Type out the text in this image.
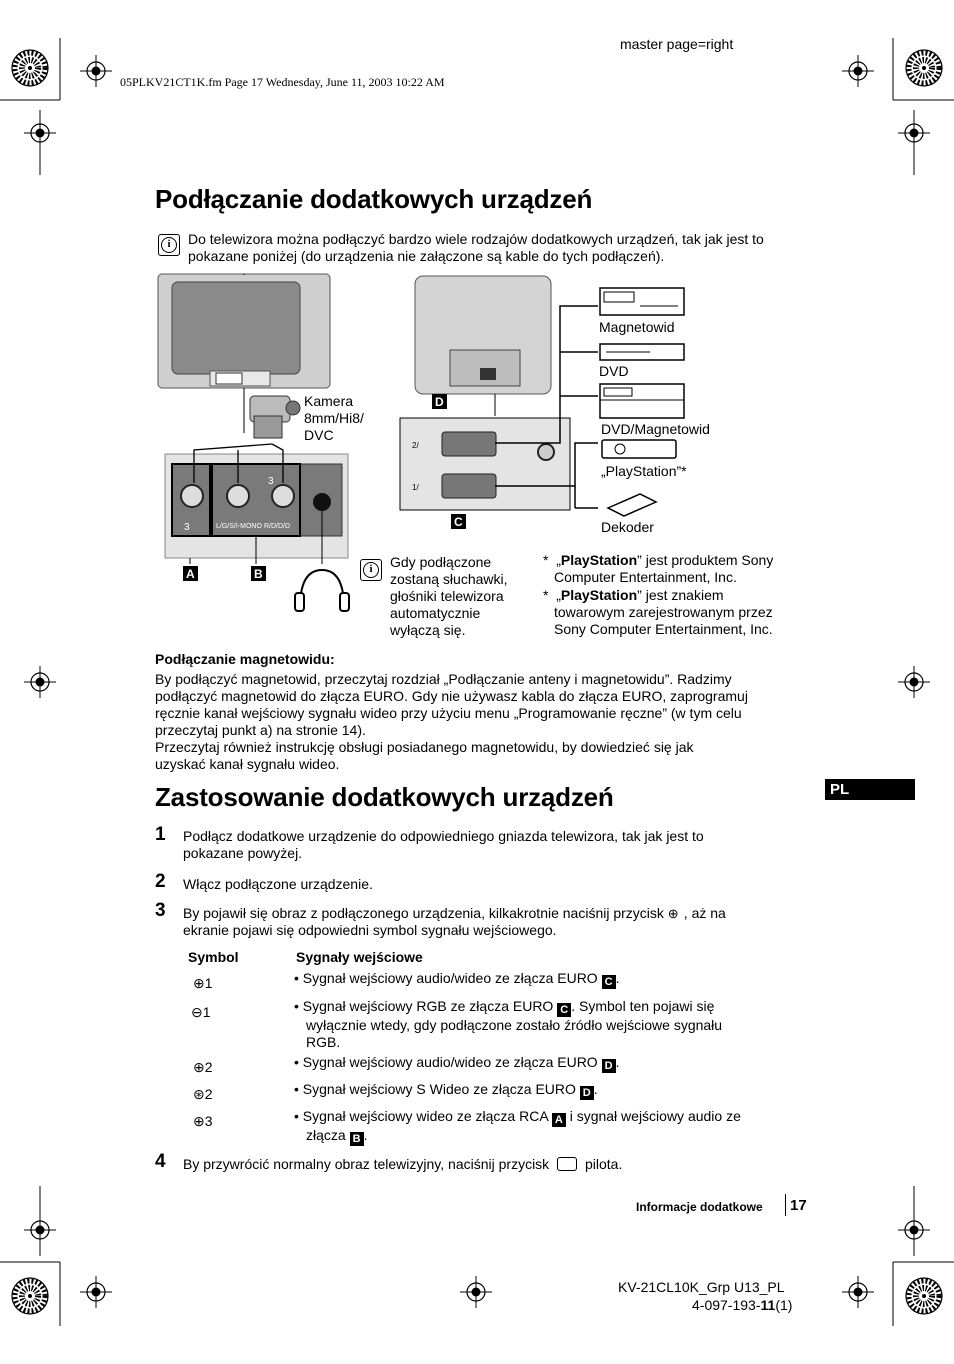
master page=right
05PLKV21CT1K.fm Page 17 Wednesday, June 11, 2003 10:22 AM
Podłączanie dodatkowych urządzeń
i	Do telewizora można podłączyć bardzo wiele rodzajów dodatkowych urządzeń, tak jak jest to pokazane poniżej (do urządzenia nie załączone są kable do tych podłączeń).
Kamera
8mm/Hi8/
DVC
3	L/G/S/I-MONO R/D/D/D
3
A	B
2/
1/
D
C
Magnetowid
DVD
DVD/Magnetowid
„PlayStation”*
Dekoder
i	Gdy podłączone
zostaną słuchawki,
głośniki telewizora
automatycznie
wyłączą się.
* „PlayStation” jest produktem Sony
Computer Entertainment, Inc.
* „PlayStation” jest znakiem
towarowym zarejestrowanym przez
Sony Computer Entertainment, Inc.
Podłączanie magnetowidu:
By podłączyć magnetowid, przeczytaj rozdział „Podłączanie anteny i magnetowidu”. Radzimy
podłączyć magnetowid do złącza EURO. Gdy nie używasz kabla do złącza EURO, zaprogramuj
ręcznie kanał wejściowy sygnału wideo przy użyciu menu „Programowanie ręczne” (w tym celu
przeczytaj punkt a) na stronie 14).
Przeczytaj również instrukcję obsługi posiadanego magnetowidu, by dowiedzieć się jak
uzyskać kanał sygnału wideo.
PL
Zastosowanie dodatkowych urządzeń
1 Podłącz dodatkowe urządzenie do odpowiedniego gniazda telewizora, tak jak jest to
pokazane powyżej.
2 Włącz podłączone urządzenie.
3 By pojawił się obraz z podłączonego urządzenia, kilkakrotnie naciśnij przycisk ⊕ , aż na
ekranie pojawi się odpowiedni symbol sygnału wejściowego.
Symbol	Sygnały wejściowe
⊕1	• Sygnał wejściowy audio/wideo ze złącza EURO C .
⊖1	• Sygnał wejściowy RGB ze złącza EURO C . Symbol ten pojawi się
wyłącznie wtedy, gdy podłączone zostało źródło wejściowe sygnału
RGB.
⊕2	• Sygnał wejściowy audio/wideo ze złącza EURO D .
⊛2	• Sygnał wejściowy S Wideo ze złącza EURO D .
⊕3	• Sygnał wejściowy wideo ze złącza RCA A i sygnał wejściowy audio ze
złącza B .
4 By przywrócić normalny obraz telewizyjny, naciśnij przycisk	pilota.
Informacje dodatkowe 17
KV-21CL10K_Grp U13_PL
4-097-193-11(1)
